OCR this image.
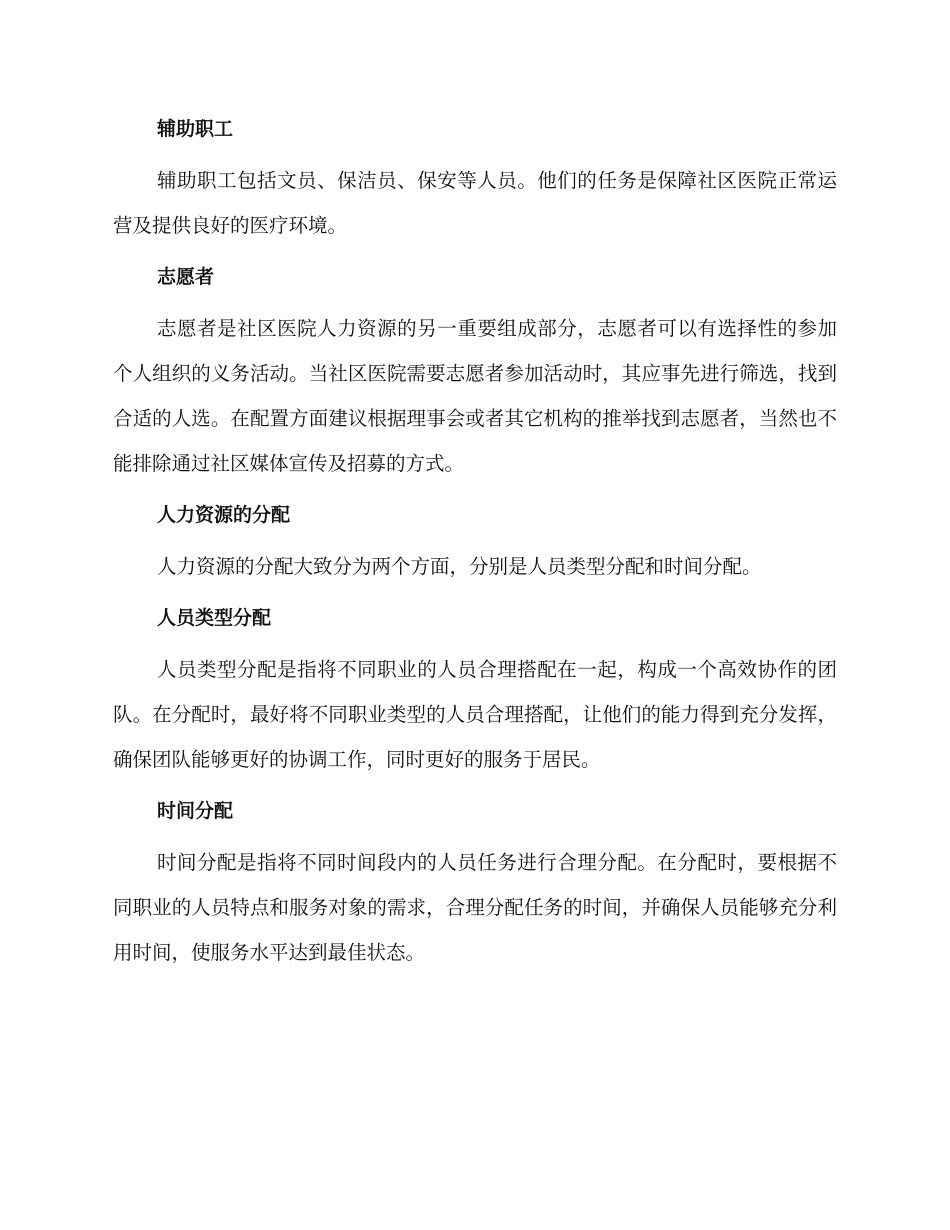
辅助职工

辅助职工包括文员、保洁员、保安等人员。他们的任务是保障社区医院正常运营及提供良好的医疗环境。

志愿者

志愿者是社区医院人力资源的另一重要组成部分，志愿者可以有选择性的参加个人组织的义务活动。当社区医院需要志愿者参加活动时，其应事先进行筛选，找到合适的人选。在配置方面建议根据理事会或者其它机构的推举找到志愿者，当然也不能排除通过社区媒体宣传及招募的方式。

人力资源的分配

人力资源的分配大致分为两个方面，分别是人员类型分配和时间分配。

人员类型分配

人员类型分配是指将不同职业的人员合理搭配在一起，构成一个高效协作的团队。在分配时，最好将不同职业类型的人员合理搭配，让他们的能力得到充分发挥，确保团队能够更好的协调工作，同时更好的服务于居民。

时间分配

时间分配是指将不同时间段内的人员任务进行合理分配。在分配时，要根据不同职业的人员特点和服务对象的需求，合理分配任务的时间，并确保人员能够充分利用时间，使服务水平达到最佳状态。
